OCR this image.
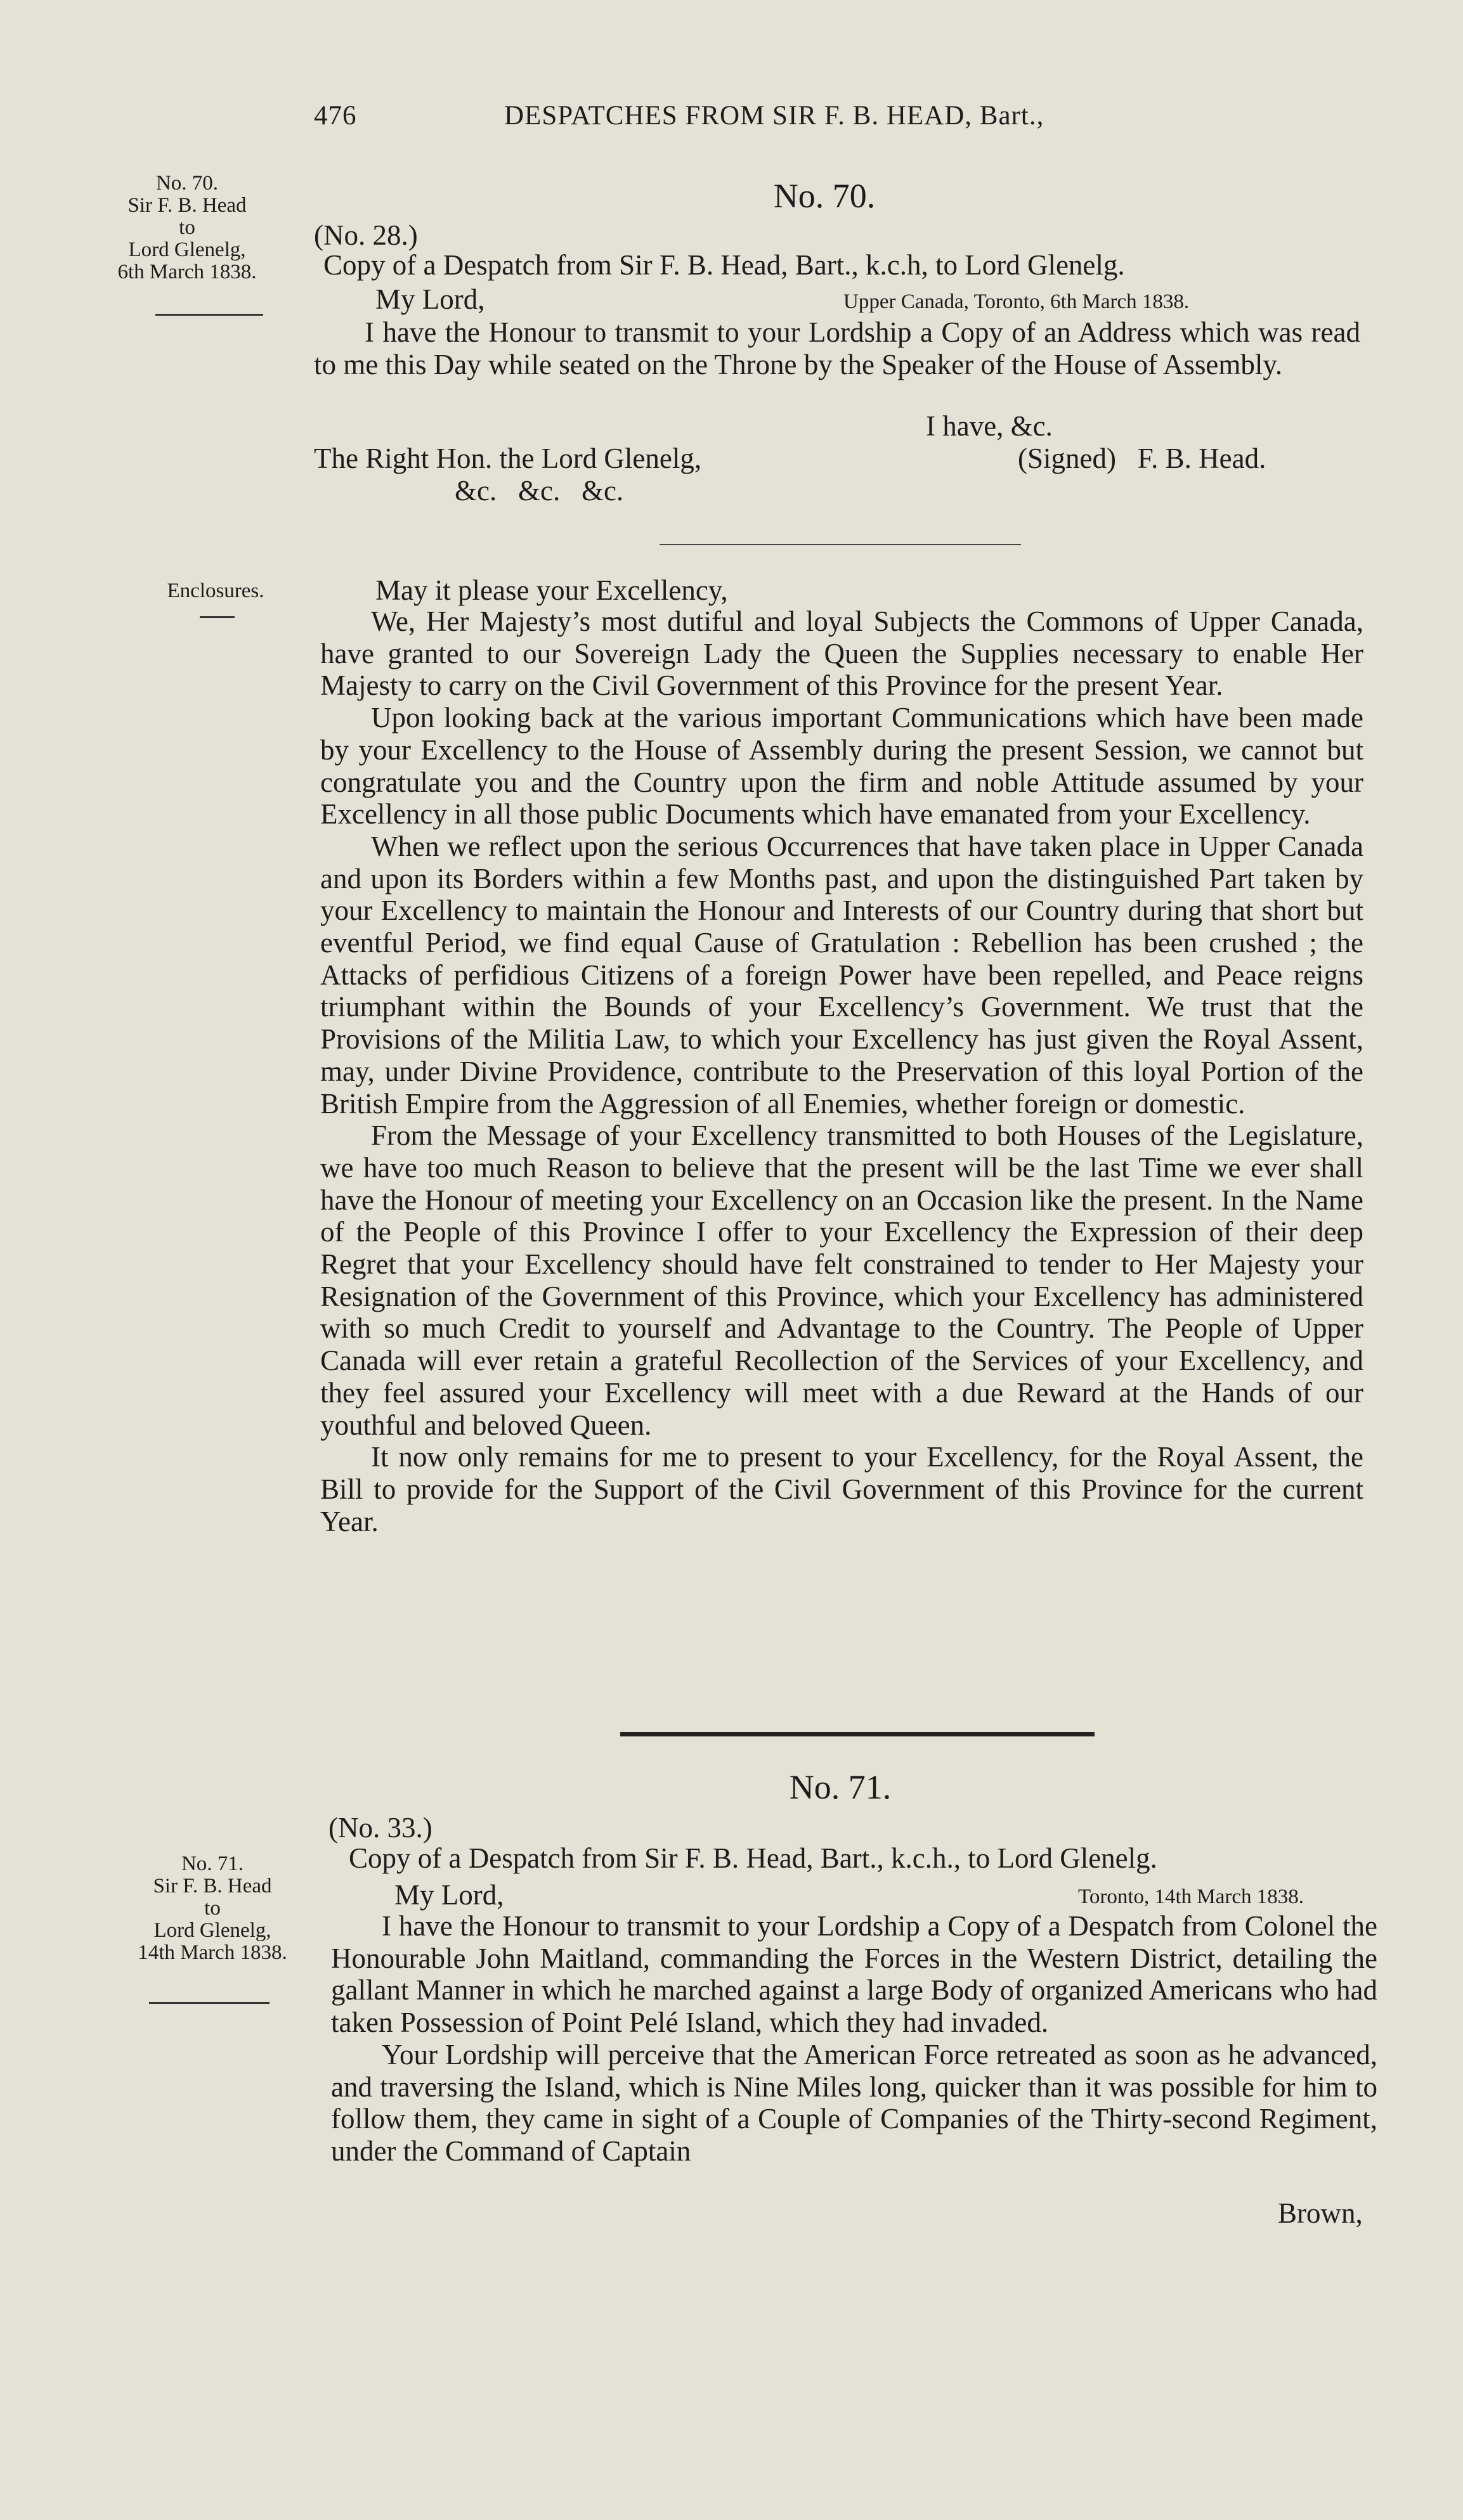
476	DESPATCHES FROM SIR F. B. HEAD, Bart.,
No. 70.
Sir F. B. Head
to
Lord Glenelg,
6th March 1838.
No. 70.
(No. 28.)
Copy of a Despatch from Sir F. B. Head, Bart., k.c.h, to Lord Glenelg.
My Lord,	Upper Canada, Toronto, 6th March 1838.

I have the Honour to transmit to your Lordship a Copy of an Address which was read to me this Day while seated on the Throne by the Speaker of the House of Assembly.

I have, &c.
The Right Hon. the Lord Glenelg,	(Signed)   F. B. Head.
&c.   &c.   &c.
Enclosures.	May it please your Excellency,

We, Her Majesty’s most dutiful and loyal Subjects the Commons of Upper Canada, have granted to our Sovereign Lady the Queen the Supplies necessary to enable Her Majesty to carry on the Civil Government of this Province for the present Year.

Upon looking back at the various important Communications which have been made by your Excellency to the House of Assembly during the present Session, we cannot but congratulate you and the Country upon the firm and noble Attitude assumed by your Excellency in all those public Documents which have emanated from your Excellency.

When we reflect upon the serious Occurrences that have taken place in Upper Canada and upon its Borders within a few Months past, and upon the distinguished Part taken by your Excellency to maintain the Honour and Interests of our Country during that short but eventful Period, we find equal Cause of Gratulation : Rebellion has been crushed ; the Attacks of perfidious Citizens of a foreign Power have been repelled, and Peace reigns triumphant within the Bounds of your Excellency’s Government. We trust that the Provisions of the Militia Law, to which your Excellency has just given the Royal Assent, may, under Divine Providence, contribute to the Preservation of this loyal Portion of the British Empire from the Aggression of all Enemies, whether foreign or domestic.

From the Message of your Excellency transmitted to both Houses of the Legislature, we have too much Reason to believe that the present will be the last Time we ever shall have the Honour of meeting your Excellency on an Occasion like the present. In the Name of the People of this Province I offer to your Excellency the Expression of their deep Regret that your Excellency should have felt constrained to tender to Her Majesty your Resignation of the Government of this Province, which your Excellency has administered with so much Credit to yourself and Advantage to the Country. The People of Upper Canada will ever retain a grateful Recollection of the Services of your Excellency, and they feel assured your Excellency will meet with a due Reward at the Hands of our youthful and beloved Queen.

It now only remains for me to present to your Excellency, for the Royal Assent, the Bill to provide for the Support of the Civil Government of this Province for the current Year.

No. 71.
(No. 33.)
Copy of a Despatch from Sir F. B. Head, Bart., k.c.h., to Lord Glenelg.
No. 71.
Sir F. B. Head
to
Lord Glenelg,
14th March 1838.
My Lord,	Toronto, 14th March 1838.

I have the Honour to transmit to your Lordship a Copy of a Despatch from Colonel the Honourable John Maitland, commanding the Forces in the Western District, detailing the gallant Manner in which he marched against a large Body of organized Americans who had taken Possession of Point Pelé Island, which they had invaded.

Your Lordship will perceive that the American Force retreated as soon as he advanced, and traversing the Island, which is Nine Miles long, quicker than it was possible for him to follow them, they came in sight of a Couple of Companies of the Thirty-second Regiment, under the Command of Captain

Brown,
